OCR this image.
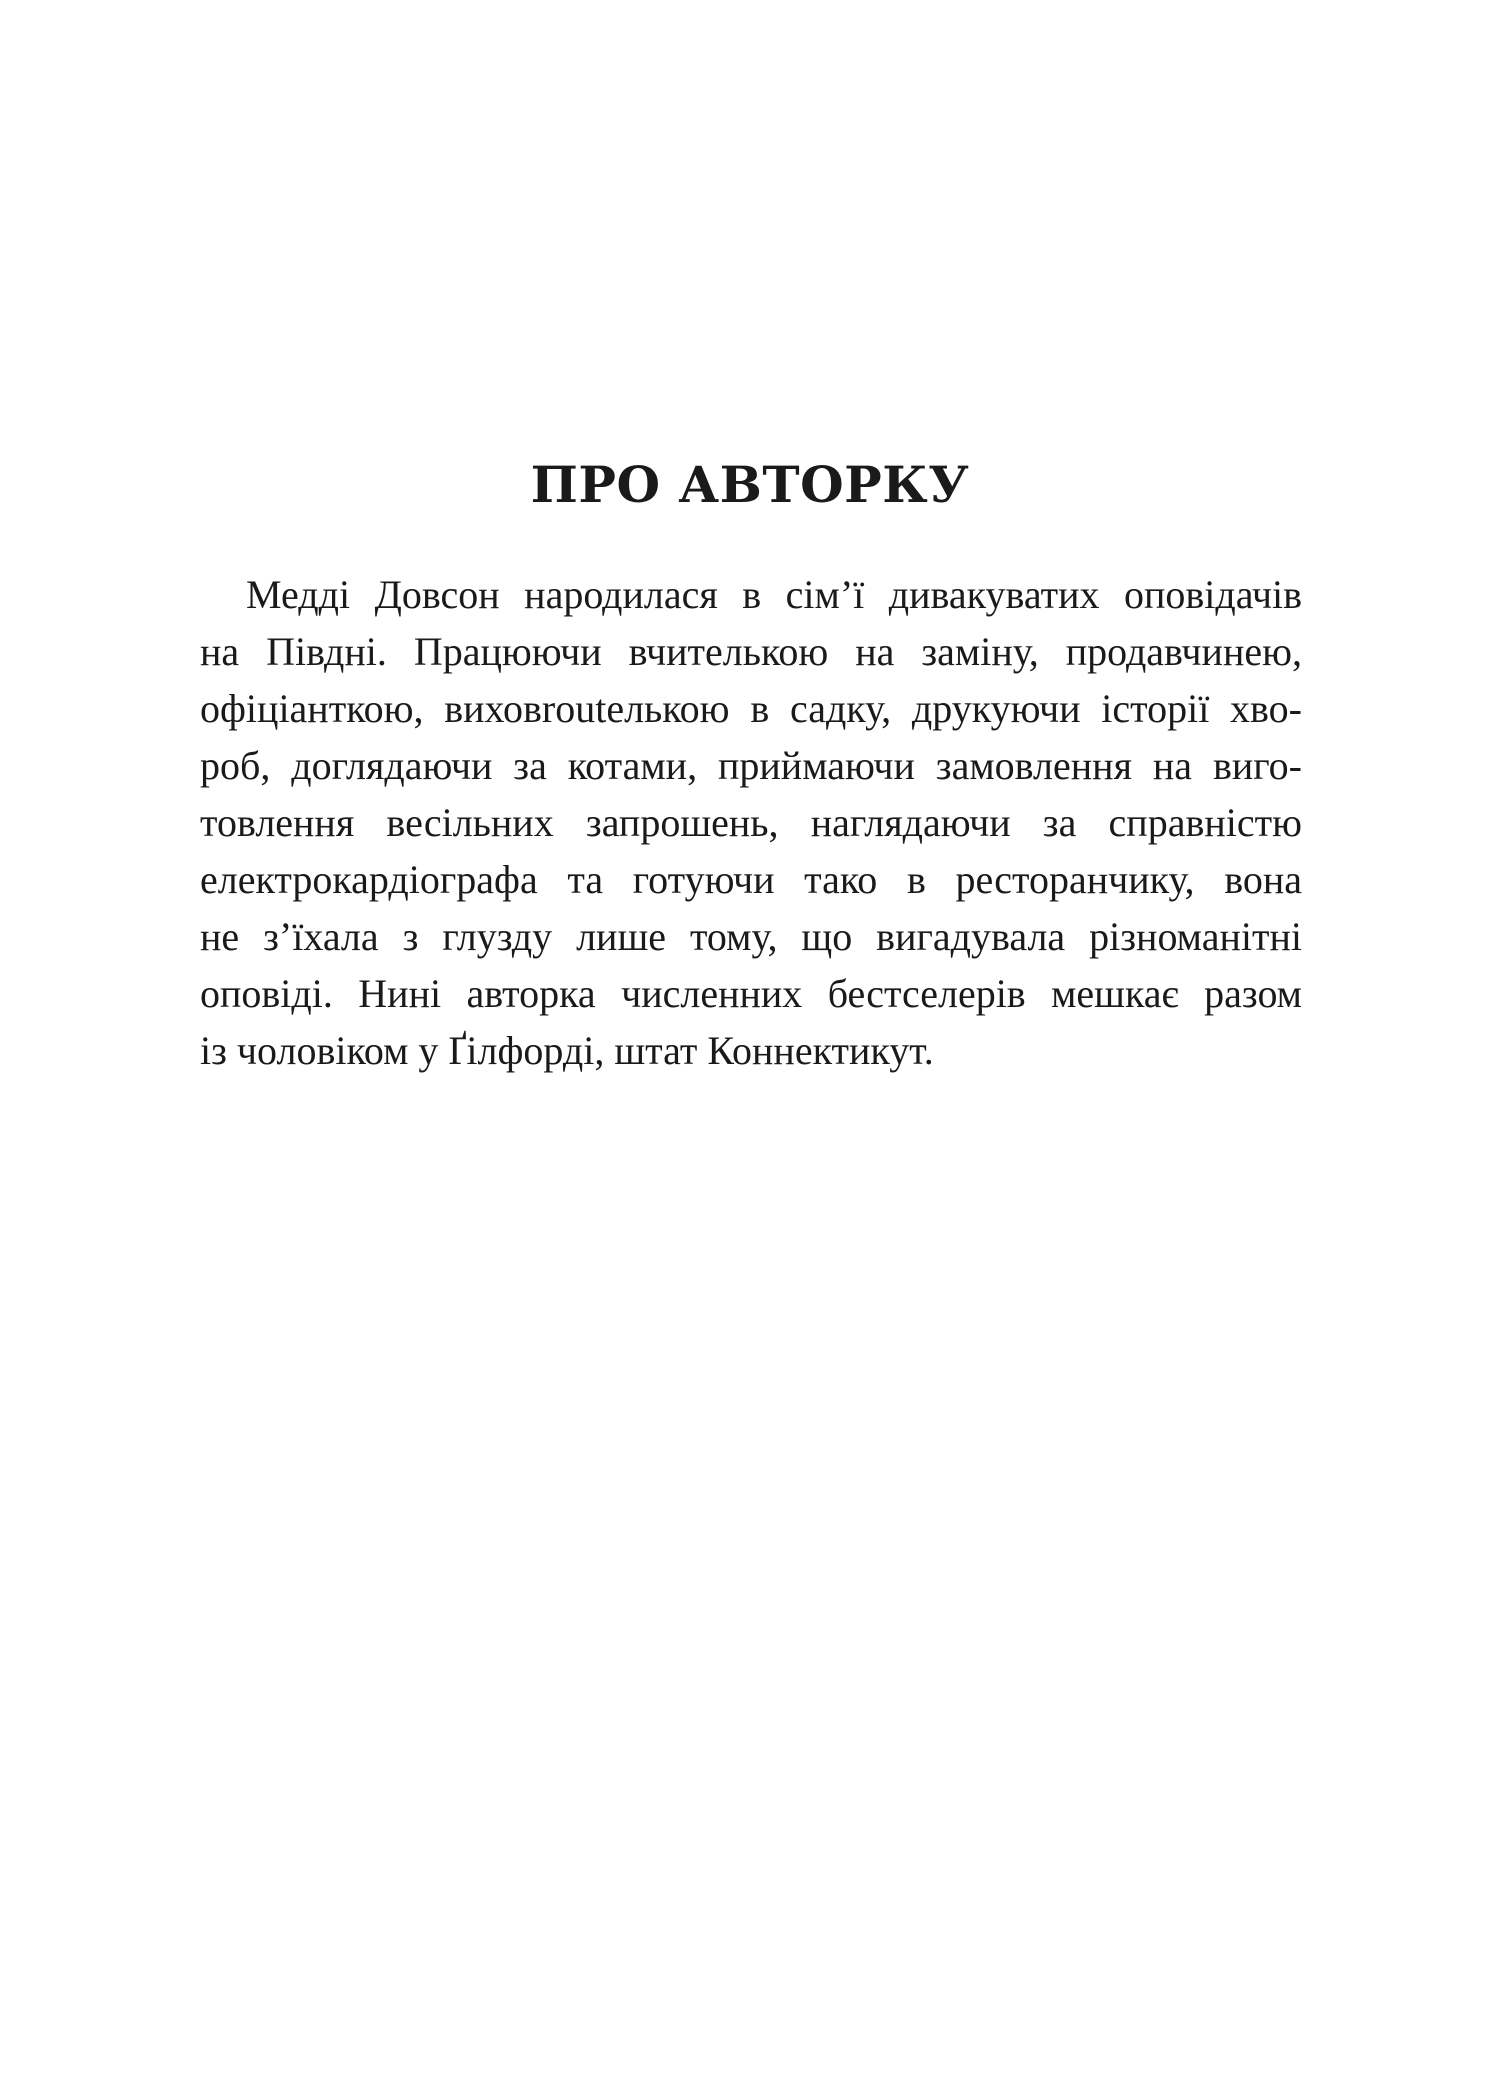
ПРО АВТОРКУ
Медді Довсон народилася в сім’ї дивакуватих оповідачів
на Півдні. Працюючи вчителькою на заміну, продавчинею,
офіціанткою, виховrouteлькою в садку, друкуючи історії хво-
роб, доглядаючи за котами, приймаючи замовлення на виго-
товлення весільних запрошень, наглядаючи за справністю
електрокардіографа та готуючи тако в ресторанчику, вона
не з’їхала з глузду лише тому, що вигадувала різноманітні
оповіді. Нині авторка численних бестселерів мешкає разом
із чоловіком у Ґілфорді, штат Коннектикут.
